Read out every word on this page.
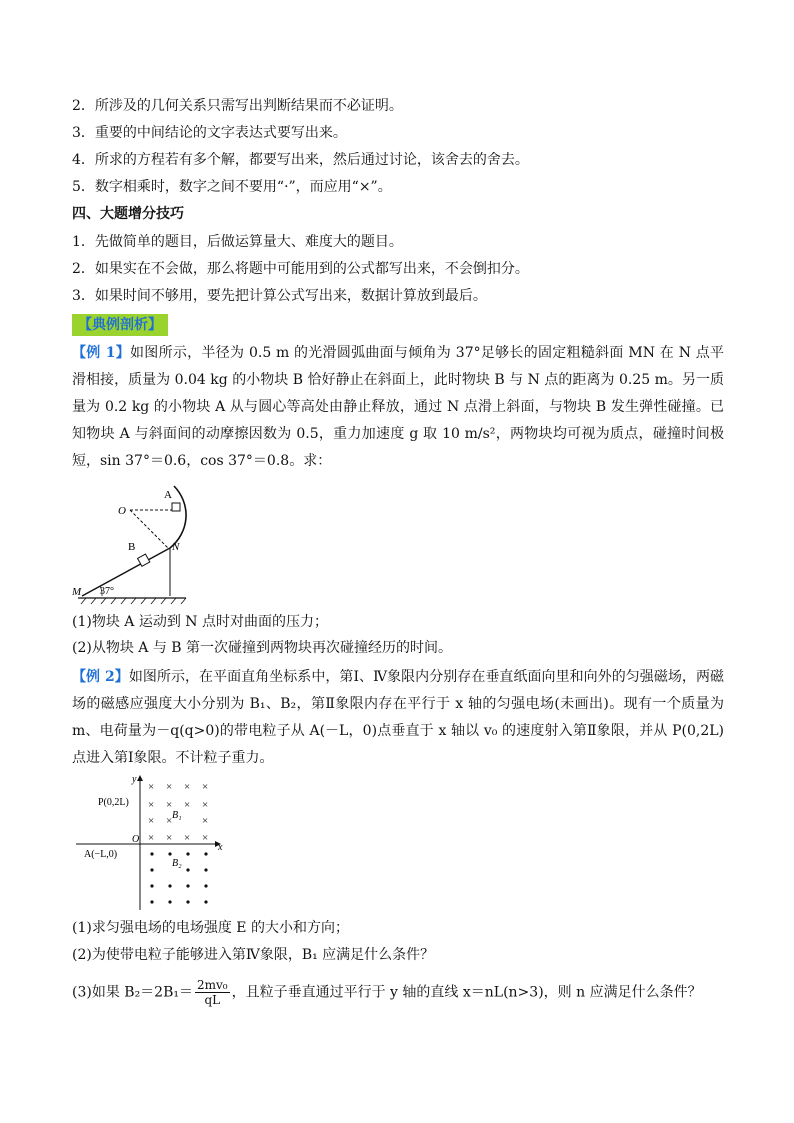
2．所涉及的几何关系只需写出判断结果而不必证明。
3．重要的中间结论的文字表达式要写出来。
4．所求的方程若有多个解，都要写出来，然后通过讨论，该舍去的舍去。
5．数字相乘时，数字之间不要用“·”，而应用“×”。
四、大题增分技巧
1．先做简单的题目，后做运算量大、难度大的题目。
2．如果实在不会做，那么将题中可能用到的公式都写出来，不会倒扣分。
3．如果时间不够用，要先把计算公式写出来，数据计算放到最后。
【典例剖析】
【例 1】如图所示，半径为 0.5 m 的光滑圆弧曲面与倾角为 37°足够长的固定粗糙斜面 MN 在 N 点平滑相接，质量为 0.04 kg 的小物块 B 恰好静止在斜面上，此时物块 B 与 N 点的距离为 0.25 m。另一质量为 0.2 kg 的小物块 A 从与圆心等高处由静止释放，通过 N 点滑上斜面，与物块 B 发生弹性碰撞。已知物块 A 与斜面间的动摩擦因数为 0.5，重力加速度 g 取 10 m/s²，两物块均可视为质点，碰撞时间极短，sin 37°＝0.6，cos 37°＝0.8。求：
A
O
B	N
M 37°
(1)物块 A 运动到 N 点时对曲面的压力；
(2)从物块 A 与 B 第一次碰撞到两物块再次碰撞经历的时间。
【例 2】如图所示，在平面直角坐标系中，第Ⅰ、Ⅳ象限内分别存在垂直纸面向里和向外的匀强磁场，两磁场的磁感应强度大小分别为 B₁、B₂，第Ⅱ象限内存在平行于 x 轴的匀强电场(未画出)。现有一个质量为 m、电荷量为－q(q>0)的带电粒子从 A(－L，0)点垂直于 x 轴以 v₀ 的速度射入第Ⅱ象限，并从 P(0,2L)点进入第Ⅰ象限。不计粒子重力。
y
x
O
P(0,2L)
A(−L,0)
B₁
B₂
× × × ×
× × × ×
× ×	×
× × × ×
(1)求匀强电场的电场强度 E 的大小和方向；
(2)为使带电粒子能够进入第Ⅳ象限，B₁ 应满足什么条件？
(3)如果 $B_2=2B_1= \frac{\text{2mv₀}}{qL}$ ，且粒子垂直通过平行于 y 轴的直线 x＝nL(n>3)，则 n 应满足什么条件？
